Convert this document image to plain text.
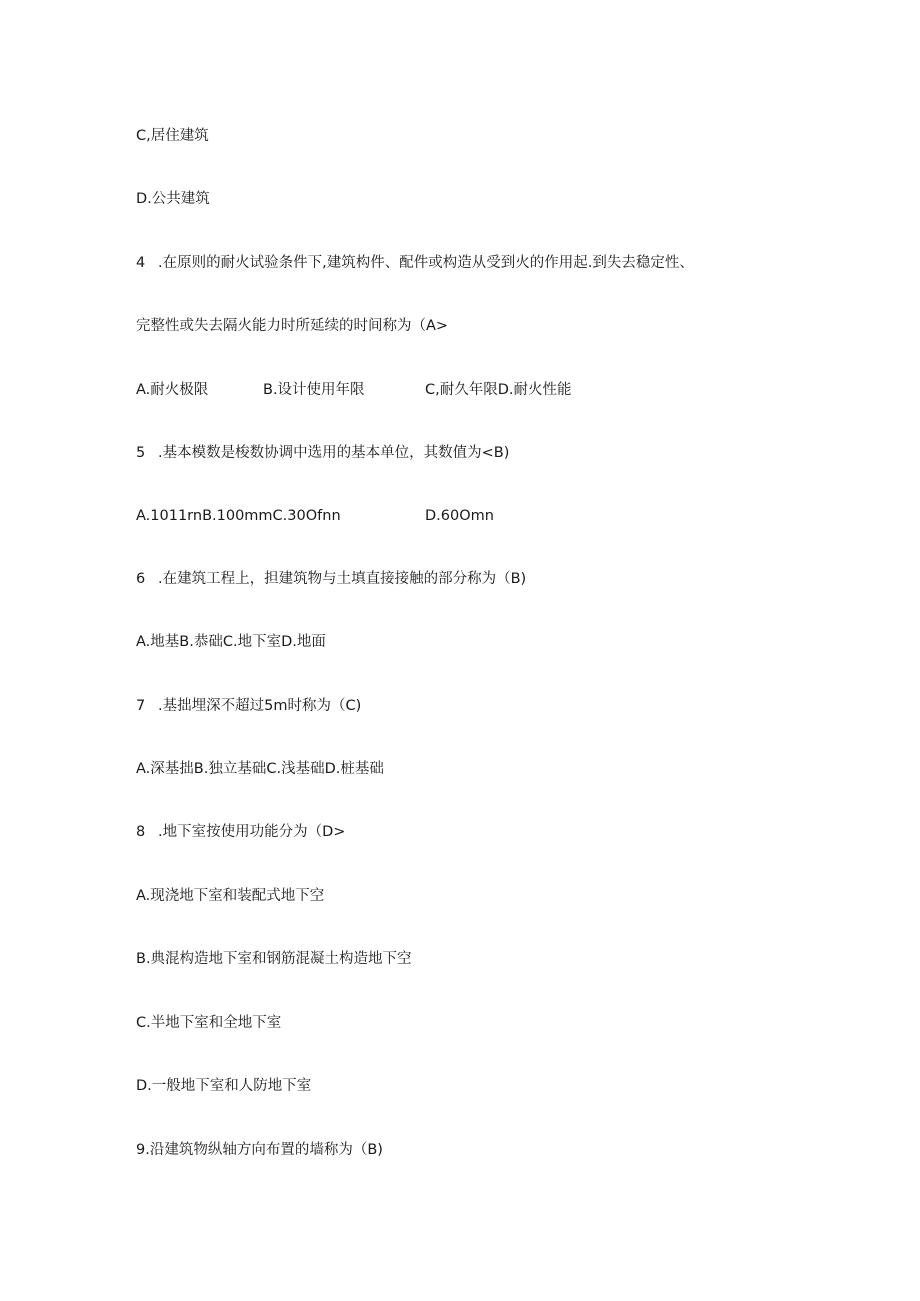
C,居住建筑
D.公共建筑
4 .在原则的耐火试验条件下,建筑构件、配件或构造从受到火的作用起.到失去稳定性、
完整性或失去隔火能力时所延续的时间称为（A>
A.耐火极限	B.设计使用年限	C,耐久年限D.耐火性能
5 .基本模数是梭数协调中选用的基本单位，其数值为<B)
A.1011rnB.100mmC.30Ofnn	D.60Omn
6 .在建筑工程上，担建筑物与土填直接接触的部分称为（B)
A.地基B.恭础C.地下室D.地面
7 .基拙埋深不超过5m时称为（C)
A.深基拙B.独立基础C.浅基础D.桩基础
8 .地下室按使用功能分为（D>
A.现浇地下室和装配式地下空
B.典混构造地下室和钢筋混凝土构造地下空
C.半地下室和全地下室
D.一般地下室和人防地下室
9.沿建筑物纵轴方向布置的墙称为（B)
